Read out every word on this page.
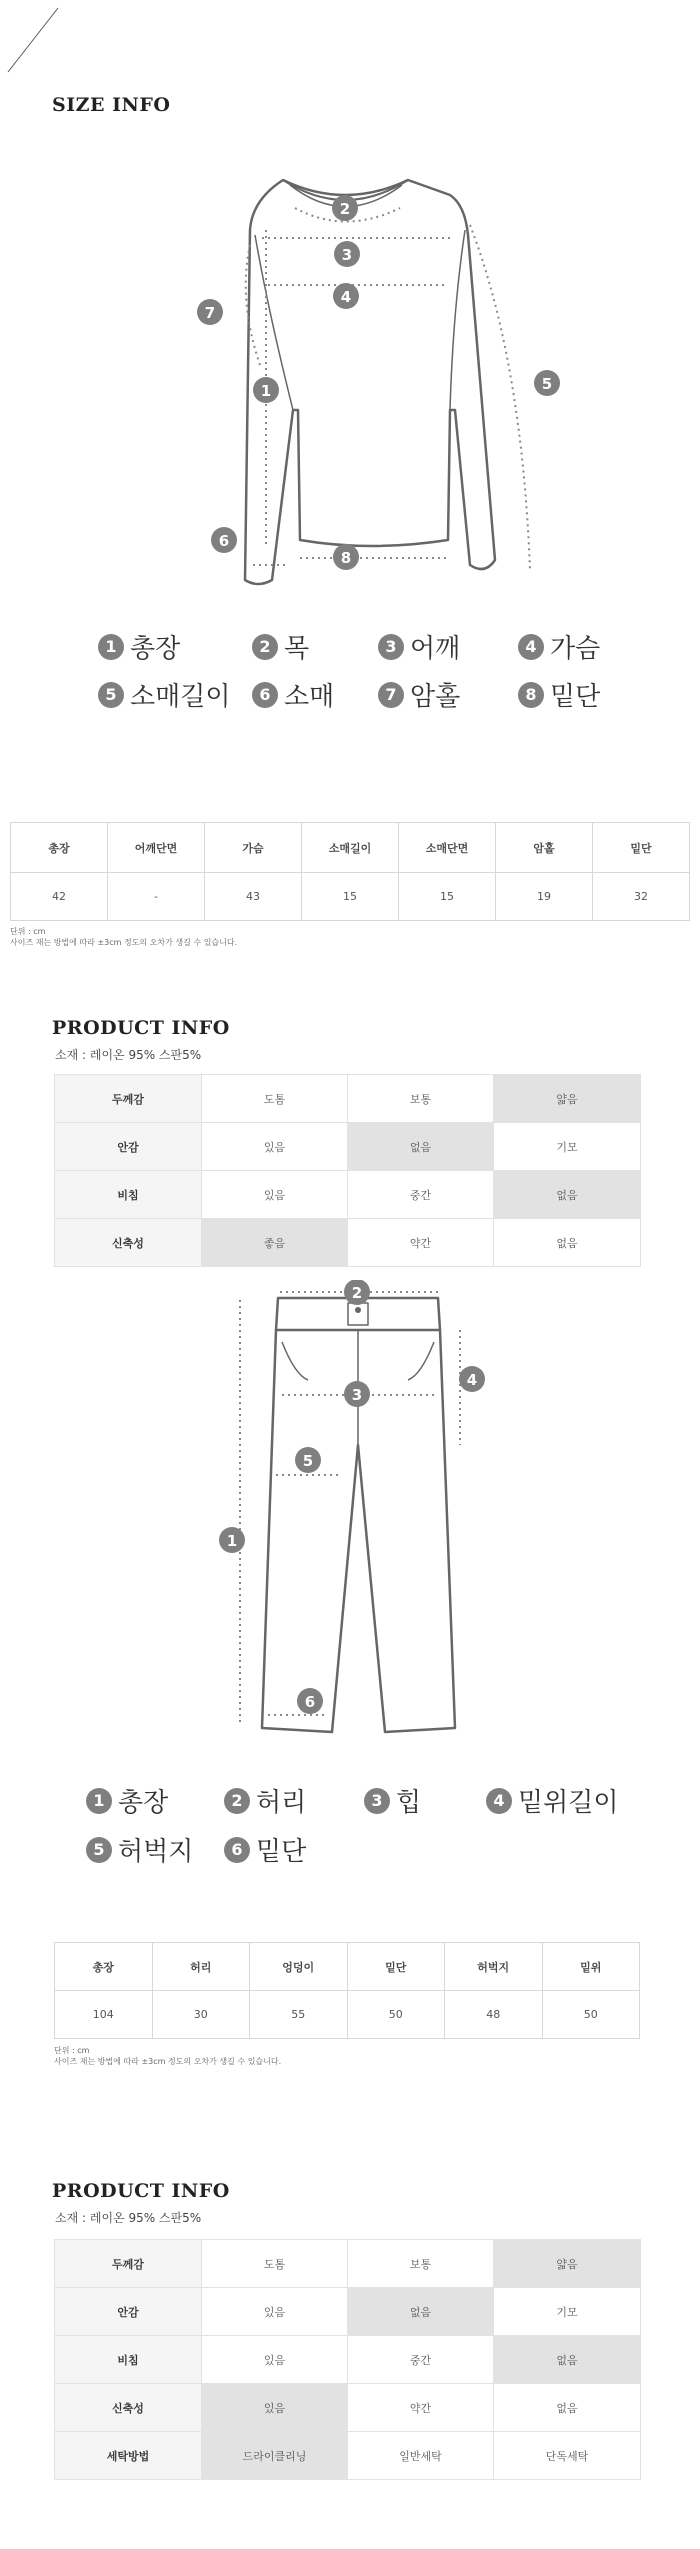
SIZE INFO
1
2
3
4
5
6
7
8
1 총장	2 목	3 어깨	4 가슴
5 소매길이	6 소매	7 암홀	8 밑단
총장	어깨단면	가슴	소매길이	소매단면	암홀	밑단
42	-	43	15	15	19	32
단위 : cm
사이즈 재는 방법에 따라 ±3cm 정도의 오차가 생길 수 있습니다.
PRODUCT INFO
소재 : 레이온 95% 스판5%
두께감	도톰	보통	얇음
안감	있음	없음	기모
비침	있음	중간	없음
신축성	좋음	약간	없음
1
2
3
4
5
6
1 총장	2 허리	3 힙	4 밑위길이
5 허벅지	6 밑단
총장	허리	엉덩이	밑단	허벅지	밑위
104	30	55	50	48	50
단위 : cm
사이즈 재는 방법에 따라 ±3cm 정도의 오차가 생길 수 있습니다.
PRODUCT INFO
소재 : 레이온 95% 스판5%
두께감	도톰	보통	얇음
안감	있음	없음	기모
비침	있음	중간	없음
신축성	있음	약간	없음
세탁방법	드라이클리닝	일반세탁	단독세탁
